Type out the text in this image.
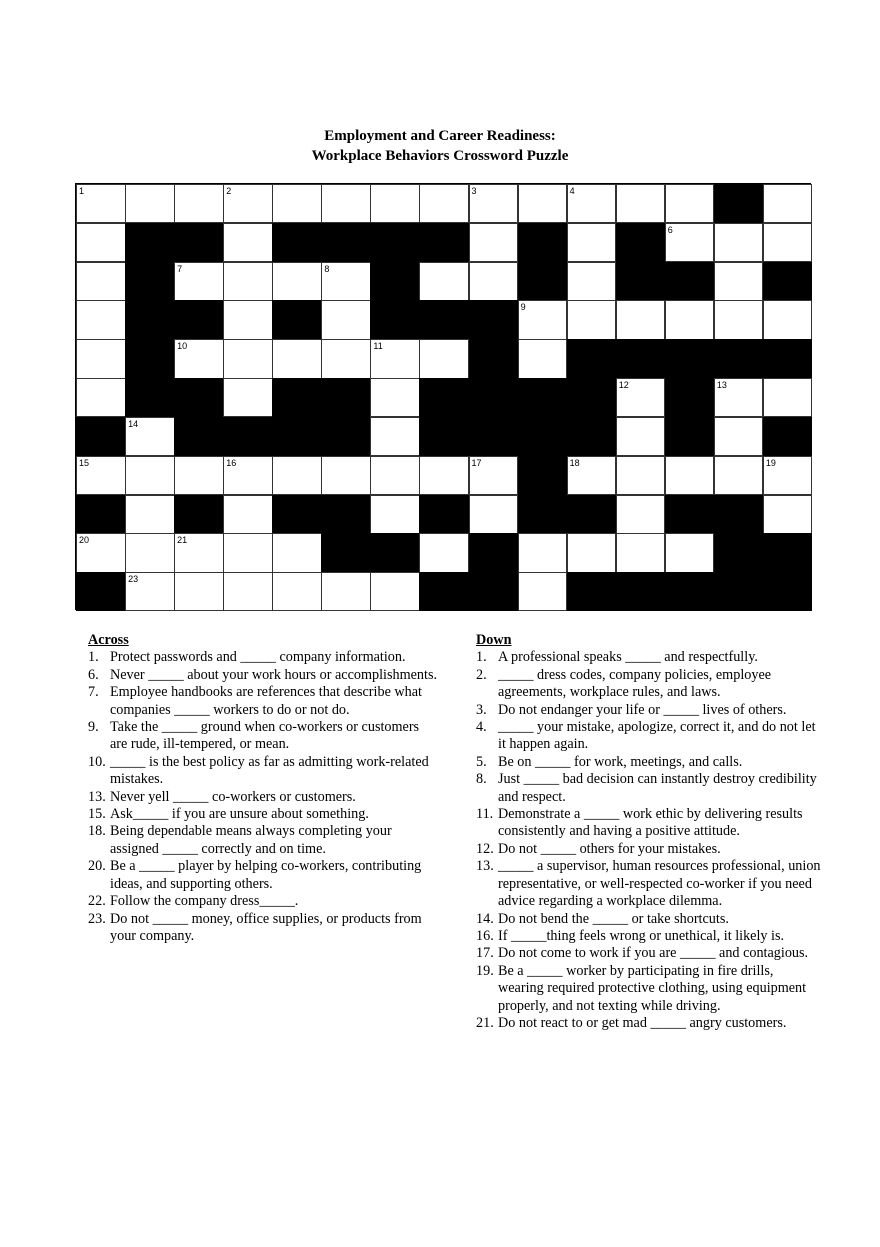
Employment and Career Readiness:
Workplace Behaviors Crossword Puzzle
1	2	3	4	5
6
7	8
9
10	11
12	13
14
15	16	17	18	19
20	21	22
23
Across
1. Protect passwords and _____ company information.
6. Never _____ about your work hours or accomplishments.
7. Employee handbooks are references that describe what companies _____ workers to do or not do.
9. Take the _____ ground when co-workers or customers are rude, ill-tempered, or mean.
10. _____ is the best policy as far as admitting work-related mistakes.
13. Never yell _____ co-workers or customers.
15. Ask_____ if you are unsure about something.
18. Being dependable means always completing your assigned _____ correctly and on time.
20. Be a _____ player by helping co-workers, contributing ideas, and supporting others.
22. Follow the company dress_____.
23. Do not _____ money, office supplies, or products from your company.
Down
1. A professional speaks _____ and respectfully.
2. _____ dress codes, company policies, employee agreements, workplace rules, and laws.
3. Do not endanger your life or _____ lives of others.
4. _____ your mistake, apologize, correct it, and do not let it happen again.
5. Be on _____ for work, meetings, and calls.
8. Just _____ bad decision can instantly destroy credibility and respect.
11. Demonstrate a _____ work ethic by delivering results consistently and having a positive attitude.
12. Do not _____ others for your mistakes.
13. _____ a supervisor, human resources professional, union representative, or well-respected co-worker if you need advice regarding a workplace dilemma.
14. Do not bend the _____ or take shortcuts.
16. If _____thing feels wrong or unethical, it likely is.
17. Do not come to work if you are _____ and contagious.
19. Be a _____ worker by participating in fire drills, wearing required protective clothing, using equipment properly, and not texting while driving.
21. Do not react to or get mad _____ angry customers.
